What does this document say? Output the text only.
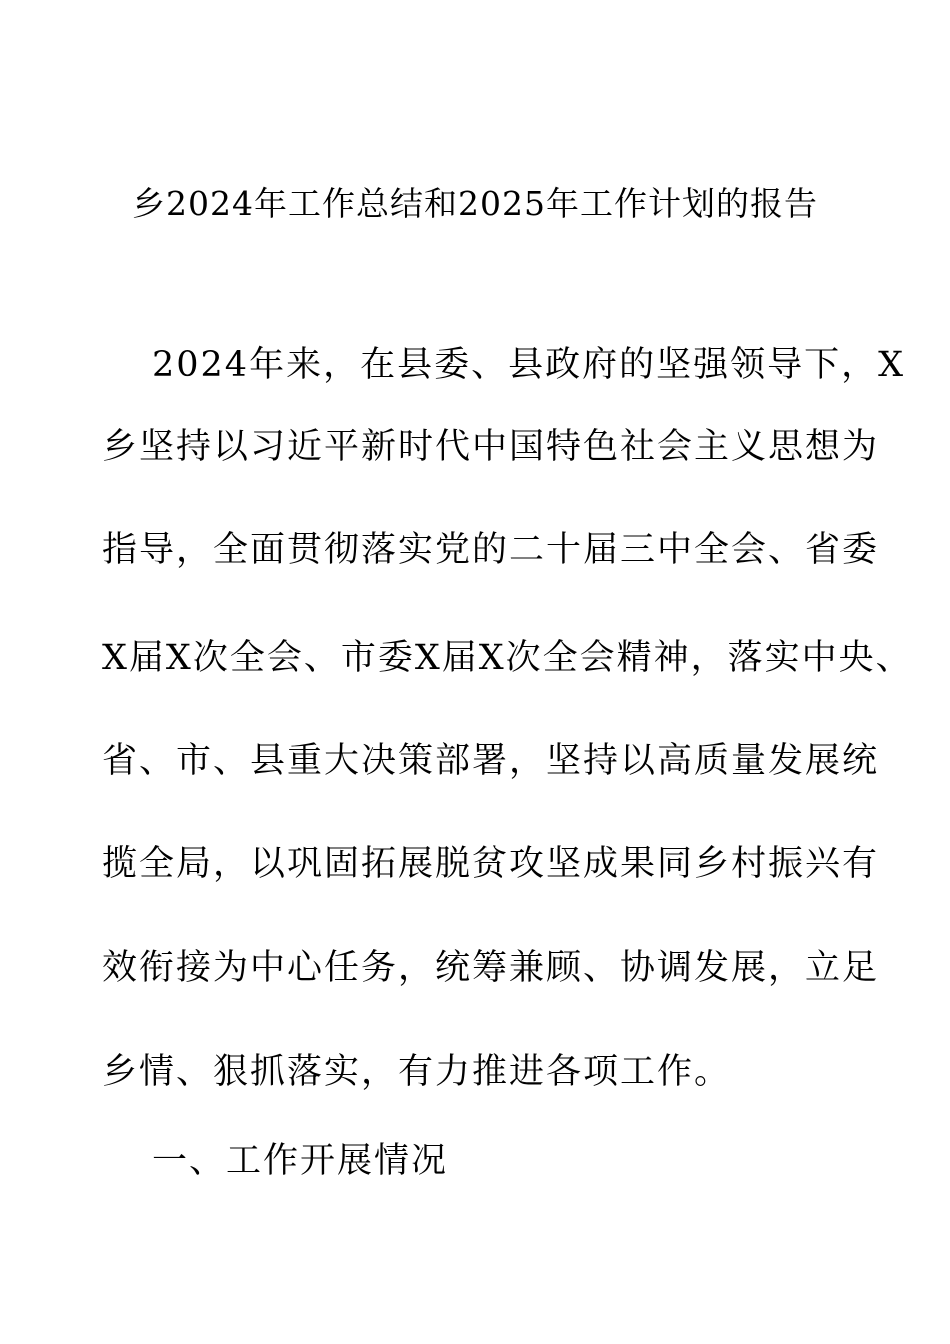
乡2024年工作总结和2025年工作计划的报告

2024年来，在县委、县政府的坚强领导下，X

乡坚持以习近平新时代中国特色社会主义思想为

指导，全面贯彻落实党的二十届三中全会、省委

X届X次全会、市委X届X次全会精神，落实中央、

省、市、县重大决策部署，坚持以高质量发展统

揽全局，以巩固拓展脱贫攻坚成果同乡村振兴有

效衔接为中心任务，统筹兼顾、协调发展，立足

乡情、狠抓落实，有力推进各项工作。

一、工作开展情况
